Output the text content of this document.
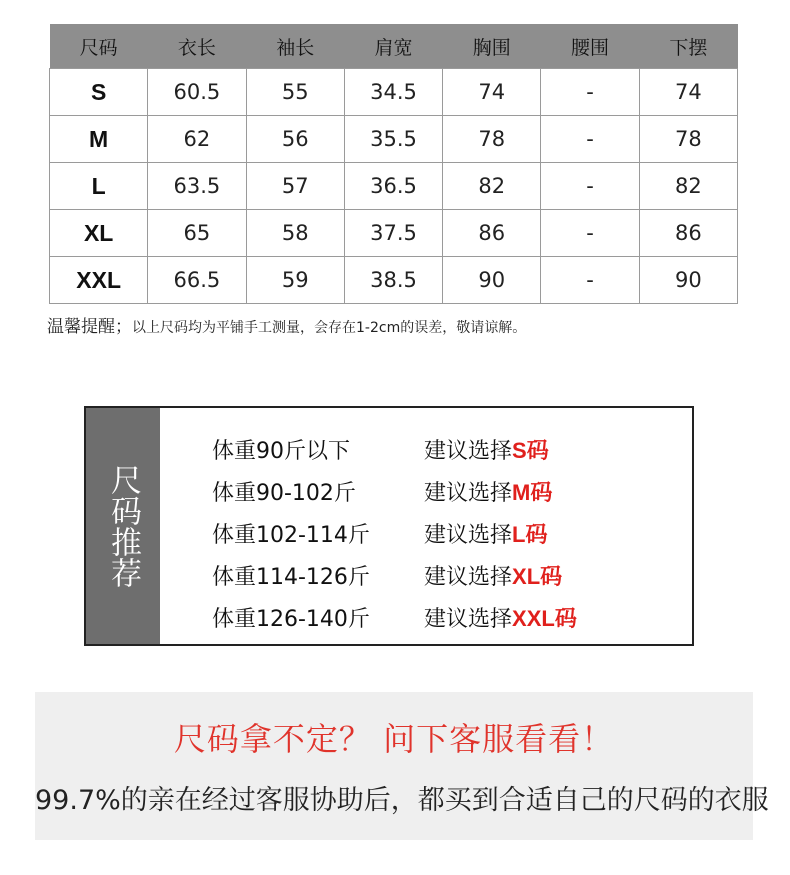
尺码	衣长	袖长	肩宽	胸围	腰围	下摆
S	60.5	55	34.5	74	-	74
M	62	56	35.5	78	-	78
L	63.5	57	36.5	82	-	82
XL	65	58	37.5	86	-	86
XXL	66.5	59	38.5	90	-	90
温馨提醒；以上尺码均为平铺手工测量，会存在1-2cm的误差，敬请谅解。
尺码推荐
体重90斤以下	建议选择S码
体重90-102斤	建议选择M码
体重102-114斤 建议选择L码
体重114-126斤 建议选择XL码
体重126-140斤 建议选择XXL码
尺码拿不定？ 问下客服看看！
99.7%的亲在经过客服协助后，都买到合适自己的尺码的衣服
